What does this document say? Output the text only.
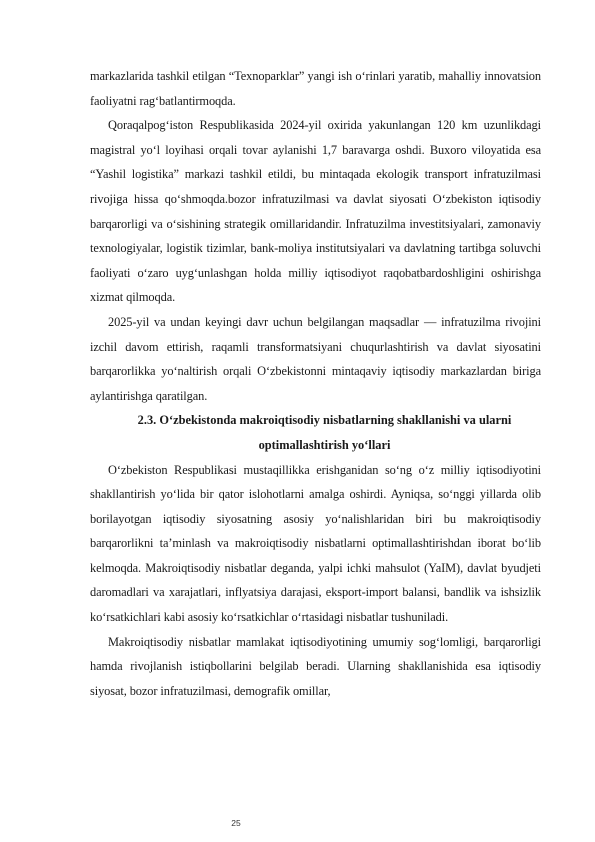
markazlarida tashkil etilgan “Texnoparklar” yangi ish o‘rinlari yaratib, mahalliy innovatsion faoliyatni rag‘batlantirmoqda.

Qoraqalpog‘iston Respublikasida 2024-yil oxirida yakunlangan 120 km uzunlikdagi magistral yo‘l loyihasi orqali tovar aylanishi 1,7 baravarga oshdi. Buxoro viloyatida esa “Yashil logistika” markazi tashkil etildi, bu mintaqada ekologik transport infratuzilmasi rivojiga hissa qo‘shmoqda.bozor infratuzilmasi va davlat siyosati O‘zbekiston iqtisodiy barqarorligi va o‘sishining strategik omillaridandir. Infratuzilma investitsiyalari, zamonaviy texnologiyalar, logistik tizimlar, bank-moliya institutsiyalari va davlatning tartibga soluvchi faoliyati o‘zaro uyg‘unlashgan holda milliy iqtisodiyot raqobatbardoshligini oshirishga xizmat qilmoqda.

2025-yil va undan keyingi davr uchun belgilangan maqsadlar — infratuzilma rivojini izchil davom ettirish, raqamli transformatsiyani chuqurlashtirish va davlat siyosatini barqarorlikka yo‘naltirish orqali O‘zbekistonni mintaqaviy iqtisodiy markazlardan biriga aylantirishga qaratilgan.

2.3. O‘zbekistonda makroiqtisodiy nisbatlarning shakllanishi va ularni optimallashtirish yo‘llari

O‘zbekiston Respublikasi mustaqillikka erishganidan so‘ng o‘z milliy iqtisodiyotini shakllantirish yo‘lida bir qator islohotlarni amalga oshirdi. Ayniqsa, so‘nggi yillarda olib borilayotgan iqtisodiy siyosatning asosiy yo‘nalishlaridan biri bu makroiqtisodiy barqarorlikni ta’minlash va makroiqtisodiy nisbatlarni optimallashtirishdan iborat bo‘lib kelmoqda. Makroiqtisodiy nisbatlar deganda, yalpi ichki mahsulot (YaIM), davlat byudjeti daromadlari va xarajatlari, inflyatsiya darajasi, eksport-import balansi, bandlik va ishsizlik ko‘rsatkichlari kabi asosiy ko‘rsatkichlar o‘rtasidagi nisbatlar tushuniladi.

Makroiqtisodiy nisbatlar mamlakat iqtisodiyotining umumiy sog‘lomligi, barqarorligi hamda rivojlanish istiqbollarini belgilab beradi. Ularning shakllanishida esa iqtisodiy siyosat, bozor infratuzilmasi, demografik omillar,

25
